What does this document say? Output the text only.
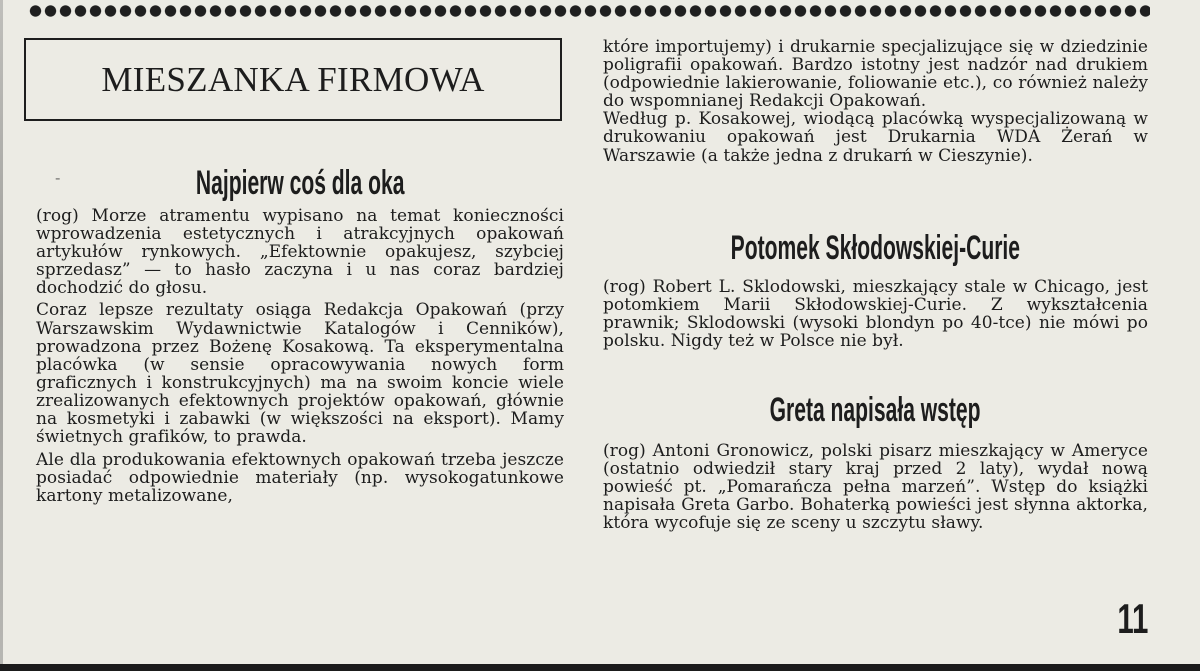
MIESZANKA FIRMOWA
-	Najpierw coś dla oka

(rog) Morze atramentu wypisano na temat konieczności wprowadzenia estetycznych i atrakcyjnych opakowań artykułów rynkowych. „Efektownie opakujesz, szybciej sprzedasz” — to hasło zaczyna i u nas coraz bardziej dochodzić do głosu.

Coraz lepsze rezultaty osiąga Redakcja Opakowań (przy Warszawskim Wydawnictwie Katalogów i Cenników), prowadzona przez Bożenę Kosakową. Ta eksperymentalna placówka (w sensie opracowywania nowych form graficznych i konstrukcyjnych) ma na swoim koncie wiele zrealizowanych efektownych projektów opakowań, głównie na kosmetyki i zabawki (w większości na eksport). Mamy świetnych grafików, to prawda.

Ale dla produkowania efektownych opakowań trzeba jeszcze posiadać odpowiednie materiały (np. wysokogatunkowe kartony metalizowane,

które importujemy) i drukarnie specjalizujące się w dziedzinie poligrafii opakowań. Bardzo istotny jest nadzór nad drukiem (odpowiednie lakierowanie, foliowanie etc.), co również należy do wspomnianej Redakcji Opakowań.

Według p. Kosakowej, wiodącą placówką wyspecjalizowaną w drukowaniu opakowań jest Drukarnia WDA Żerań w Warszawie (a także jedna z drukarń w Cieszynie).

Potomek Skłodowskiej-Curie

(rog) Robert L. Sklodowski, mieszkający stale w Chicago, jest potomkiem Marii Skłodowskiej-Curie. Z wykształcenia prawnik; Sklodowski (wysoki blondyn po 40-tce) nie mówi po polsku. Nigdy też w Polsce nie był.

Greta napisała wstęp

(rog) Antoni Gronowicz, polski pisarz mieszkający w Ameryce (ostatnio odwiedził stary kraj przed 2 laty), wydał nową powieść pt. „Pomarańcza pełna marzeń”. Wstęp do książki napisała Greta Garbo. Bohaterką powieści jest słynna aktorka, która wycofuje się ze sceny u szczytu sławy.

11
